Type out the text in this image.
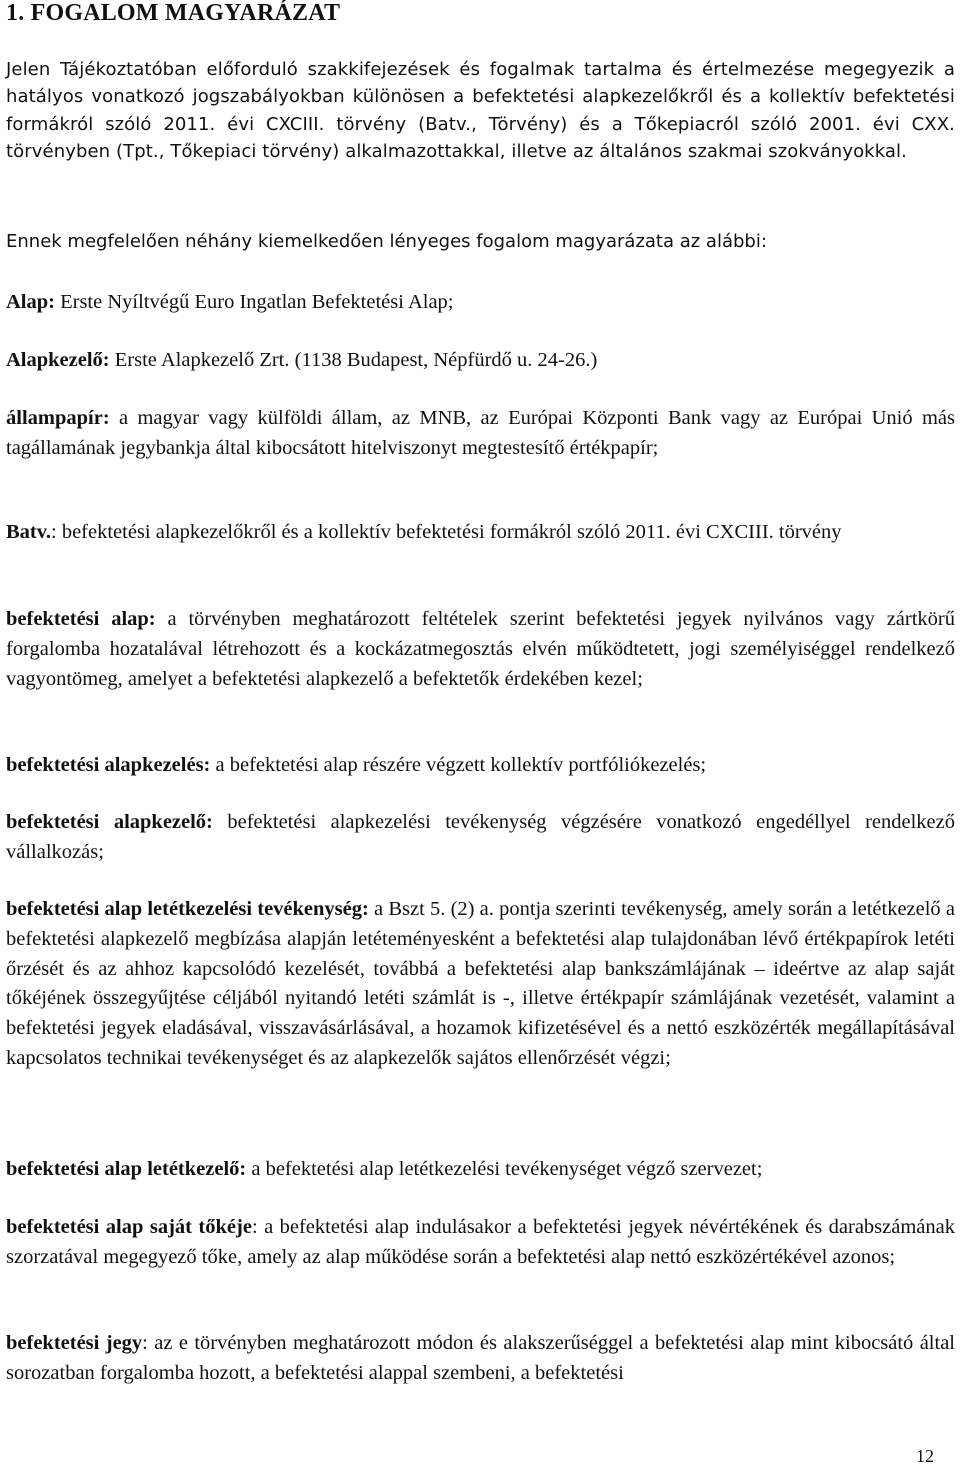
1. FOGALOM MAGYARÁZAT
Jelen Tájékoztatóban előforduló szakkifejezések és fogalmak tartalma és értelmezése megegyezik a hatályos vonatkozó jogszabályokban különösen a befektetési alapkezelőkről és a kollektív befektetési formákról szóló 2011. évi CXCIII. törvény (Batv., Törvény) és a Tőkepiacról szóló 2001. évi CXX. törvényben (Tpt., Tőkepiaci törvény) alkalmazottakkal, illetve az általános szakmai szokványokkal.
Ennek megfelelően néhány kiemelkedően lényeges fogalom magyarázata az alábbi:
Alap: Erste Nyíltvégű Euro Ingatlan Befektetési Alap;
Alapkezelő: Erste Alapkezelő Zrt. (1138 Budapest, Népfürdő u. 24-26.)
állampapír: a magyar vagy külföldi állam, az MNB, az Európai Központi Bank vagy az Európai Unió más tagállamának jegybankja által kibocsátott hitelviszonyt megtestesítő értékpapír;
Batv.: befektetési alapkezelőkről és a kollektív befektetési formákról szóló 2011. évi CXCIII. törvény
befektetési alap: a törvényben meghatározott feltételek szerint befektetési jegyek nyilvános vagy zártkörű forgalomba hozatalával létrehozott és a kockázatmegosztás elvén működtetett, jogi személyiséggel rendelkező vagyontömeg, amelyet a befektetési alapkezelő a befektetők érdekében kezel;
befektetési alapkezelés: a befektetési alap részére végzett kollektív portfóliókezelés;
befektetési alapkezelő: befektetési alapkezelési tevékenység végzésére vonatkozó engedéllyel rendelkező vállalkozás;
befektetési alap letétkezelési tevékenység: a Bszt 5. (2) a. pontja szerinti tevékenység, amely során a letétkezelő a befektetési alapkezelő megbízása alapján letéteményesként a befektetési alap tulajdonában lévő értékpapírok letéti őrzését és az ahhoz kapcsolódó kezelését, továbbá a befektetési alap bankszámlájának – ideértve az alap saját tőkéjének összegyűjtése céljából nyitandó letéti számlát is -, illetve értékpapír számlájának vezetését, valamint a befektetési jegyek eladásával, visszavásárlásával, a hozamok kifizetésével és a nettó eszközérték megállapításával kapcsolatos technikai tevékenységet és az alapkezelők sajátos ellenőrzését végzi;
befektetési alap letétkezelő: a befektetési alap letétkezelési tevékenységet végző szervezet;
befektetési alap saját tőkéje: a befektetési alap indulásakor a befektetési jegyek névértékének és darabszámának szorzatával megegyező tőke, amely az alap működése során a befektetési alap nettó eszközértékével azonos;
befektetési jegy: az e törvényben meghatározott módon és alakszerűséggel a befektetési alap mint kibocsátó által sorozatban forgalomba hozott, a befektetési alappal szembeni, a befektetési
12
